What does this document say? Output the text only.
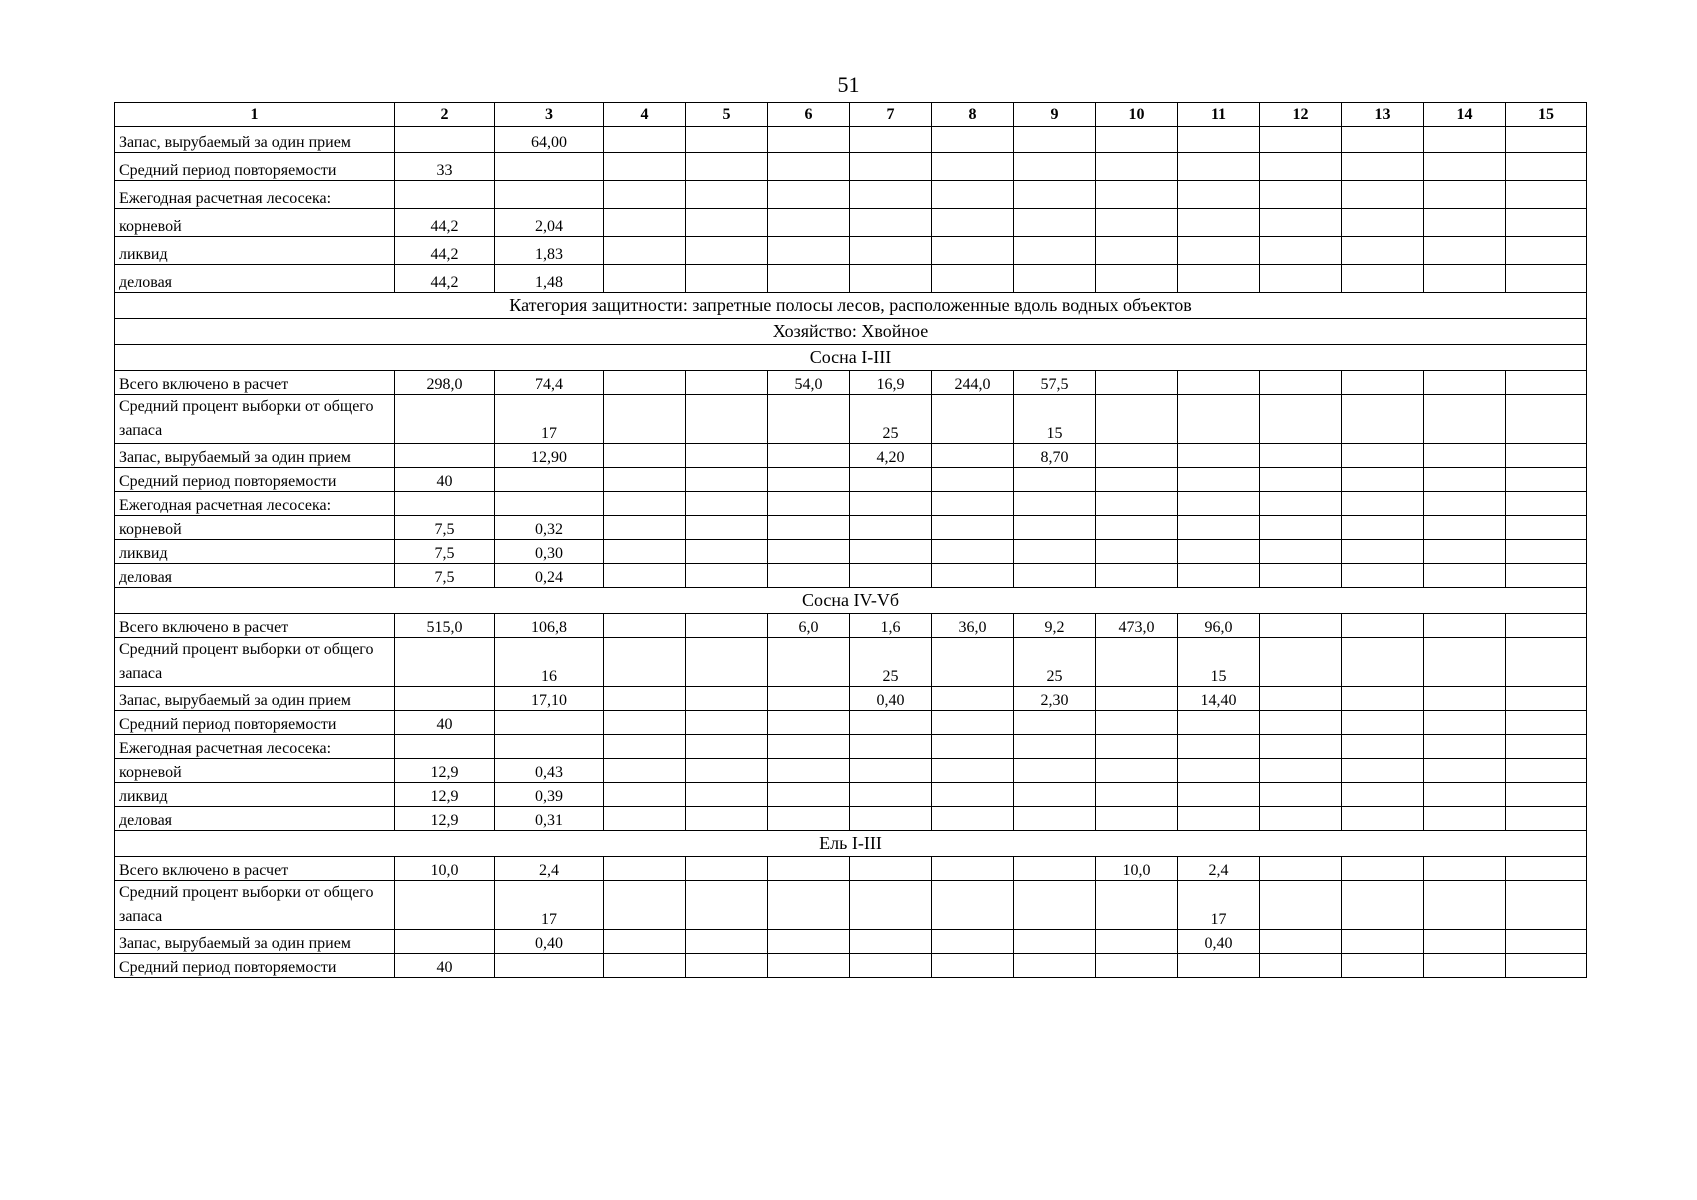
51
1	2	3	4	5	6	7	8	9	10	11	12	13	14	15
Запас, вырубаемый за один прием		64,00												
Средний период повторяемости	33													
Ежегодная расчетная лесосека:														
корневой	44,2	2,04												
ликвид	44,2	1,83												
деловая	44,2	1,48												
Категория защитности: запретные полосы лесов, расположенные вдоль водных объектов														
Хозяйство: Хвойное														
Сосна I-III														
Всего включено в расчет	298,0	74,4			54,0	16,9	244,0	57,5						
Средний процент выборки от общего запаса		17				25		15						
Запас, вырубаемый за один прием		12,90				4,20		8,70						
Средний период повторяемости	40													
Ежегодная расчетная лесосека:														
корневой	7,5	0,32												
ликвид	7,5	0,30												
деловая	7,5	0,24												
Сосна IV-Vб														
Всего включено в расчет	515,0	106,8			6,0	1,6	36,0	9,2	473,0	96,0				
Средний процент выборки от общего запаса		16				25		25		15				
Запас, вырубаемый за один прием		17,10				0,40		2,30		14,40				
Средний период повторяемости	40													
Ежегодная расчетная лесосека:														
корневой	12,9	0,43												
ликвид	12,9	0,39												
деловая	12,9	0,31												
Ель I-III														
Всего включено в расчет	10,0	2,4							10,0	2,4				
Средний процент выборки от общего запаса		17								17				
Запас, вырубаемый за один прием		0,40								0,40				
Средний период повторяемости	40													
